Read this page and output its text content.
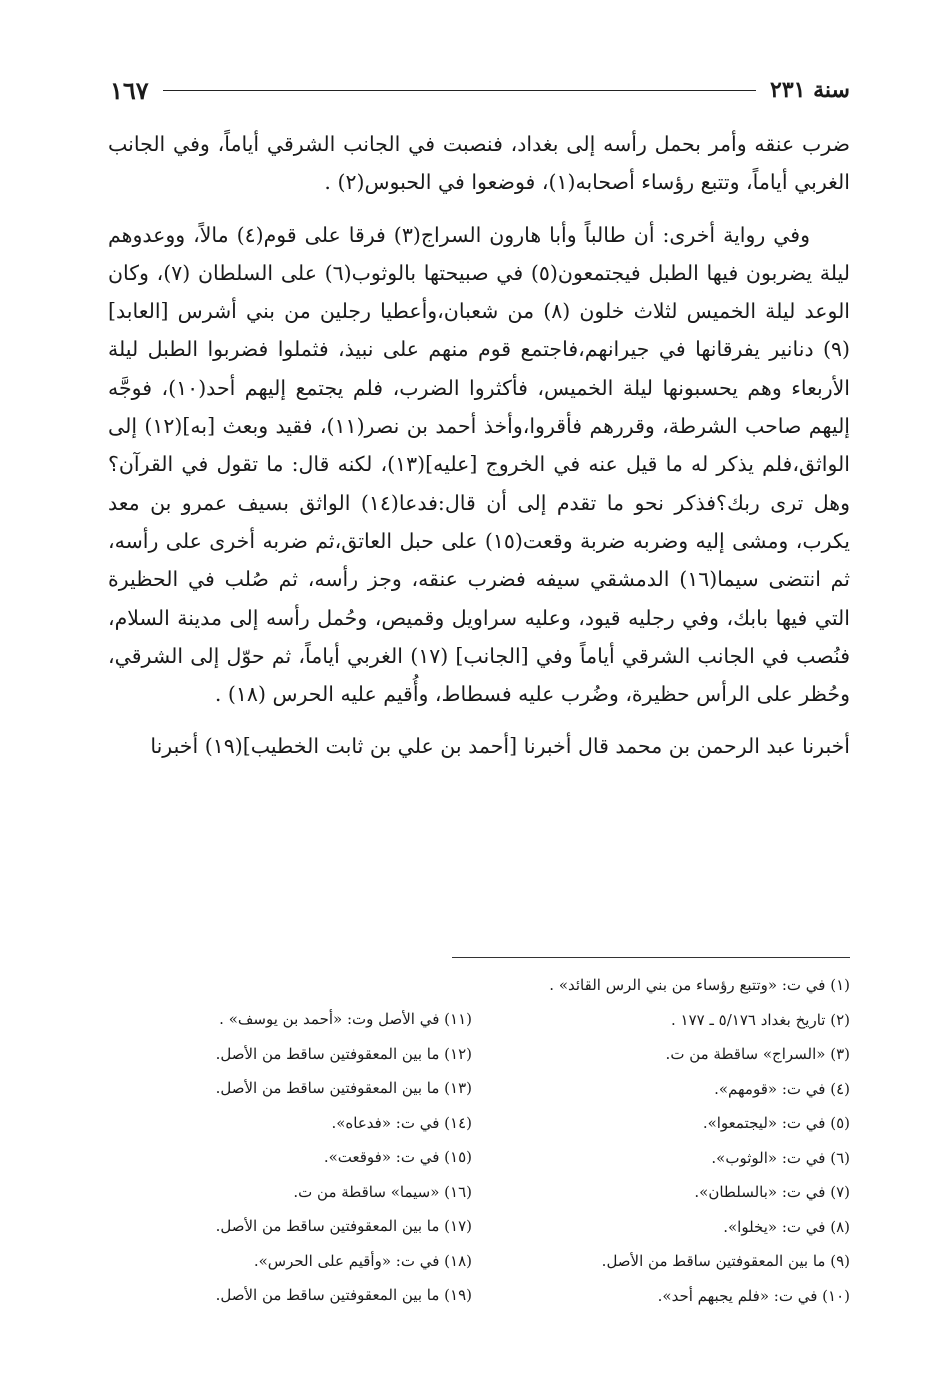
سنة ٢٣١
١٦٧

ضرب عنقه وأمر بحمل رأسه إلى بغداد، فنصبت في الجانب الشرقي أياماً، وفي الجانب الغربي أياماً، وتتبع رؤساء أصحابه(١)، فوضعوا في الحبوس(٢) .

وفي رواية أخرى: أن طالباً وأبا هارون السراج(٣) فرقا على قوم(٤) مالاً، ووعدوهم ليلة يضربون فيها الطبل فيجتمعون(٥) في صبيحتها بالوثوب(٦) على السلطان (٧)، وكان الوعد ليلة الخميس لثلاث خلون (٨) من شعبان،وأعطيا رجلين من بني أشرس [العابد] (٩) دنانير يفرقانها في جيرانهم،فاجتمع قوم منهم على نبيذ، فثملوا فضربوا الطبل ليلة الأربعاء وهم يحسبونها ليلة الخميس، فأكثروا الضرب، فلم يجتمع إليهم أحد(١٠)، فوجَّه إليهم صاحب الشرطة، وقررهم فأقروا،وأخذ أحمد بن نصر(١١)، فقيد وبعث [به](١٢) إلى الواثق،فلم يذكر له ما قيل عنه في الخروج [عليه](١٣)، لكنه قال: ما تقول في القرآن؟ وهل ترى ربك؟فذكر نحو ما تقدم إلى أن قال:فدعا(١٤) الواثق بسيف عمرو بن معد يكرب، ومشى إليه وضربه ضربة وقعت(١٥) على حبل العاتق،ثم ضربه أخرى على رأسه، ثم انتضى سيما(١٦) الدمشقي سيفه فضرب عنقه، وجز رأسه، ثم صُلب في الحظيرة التي فيها بابك، وفي رجليه قيود، وعليه سراويل وقميص، وحُمل رأسه إلى مدينة السلام، فنُصب في الجانب الشرقي أياماً وفي [الجانب] (١٧) الغربي أياماً، ثم حوّل إلى الشرقي، وحُظر على الرأس حظيرة، وضُرب عليه فسطاط، وأُقيم عليه الحرس (١٨) .

أخبرنا عبد الرحمن بن محمد قال أخبرنا [أحمد بن علي بن ثابت الخطيب](١٩) أخبرنا

(١) في ت: «وتتبع رؤساء من بني الرس القائد» .
(٢) تاريخ بغداد ٥/١٧٦ ـ ١٧٧ .
(٣) «السراج» ساقطة من ت.
(٤) في ت: «قومهم».
(٥) في ت: «ليجتمعوا».
(٦) في ت: «الوثوب».
(٧) في ت: «بالسلطان».
(٨) في ت: «يخلوا».
(٩) ما بين المعقوفتين ساقط من الأصل.
(١٠) في ت: «فلم يجبهم أحد».
(١١) في الأصل وت: «أحمد بن يوسف» .
(١٢) ما بين المعقوفتين ساقط من الأصل.
(١٣) ما بين المعقوفتين ساقط من الأصل.
(١٤) في ت: «فدعاه».
(١٥) في ت: «فوقعت».
(١٦) «سيما» ساقطة من ت.
(١٧) ما بين المعقوفتين ساقط من الأصل.
(١٨) في ت: «وأقيم على الحرس».
(١٩) ما بين المعقوفتين ساقط من الأصل.
